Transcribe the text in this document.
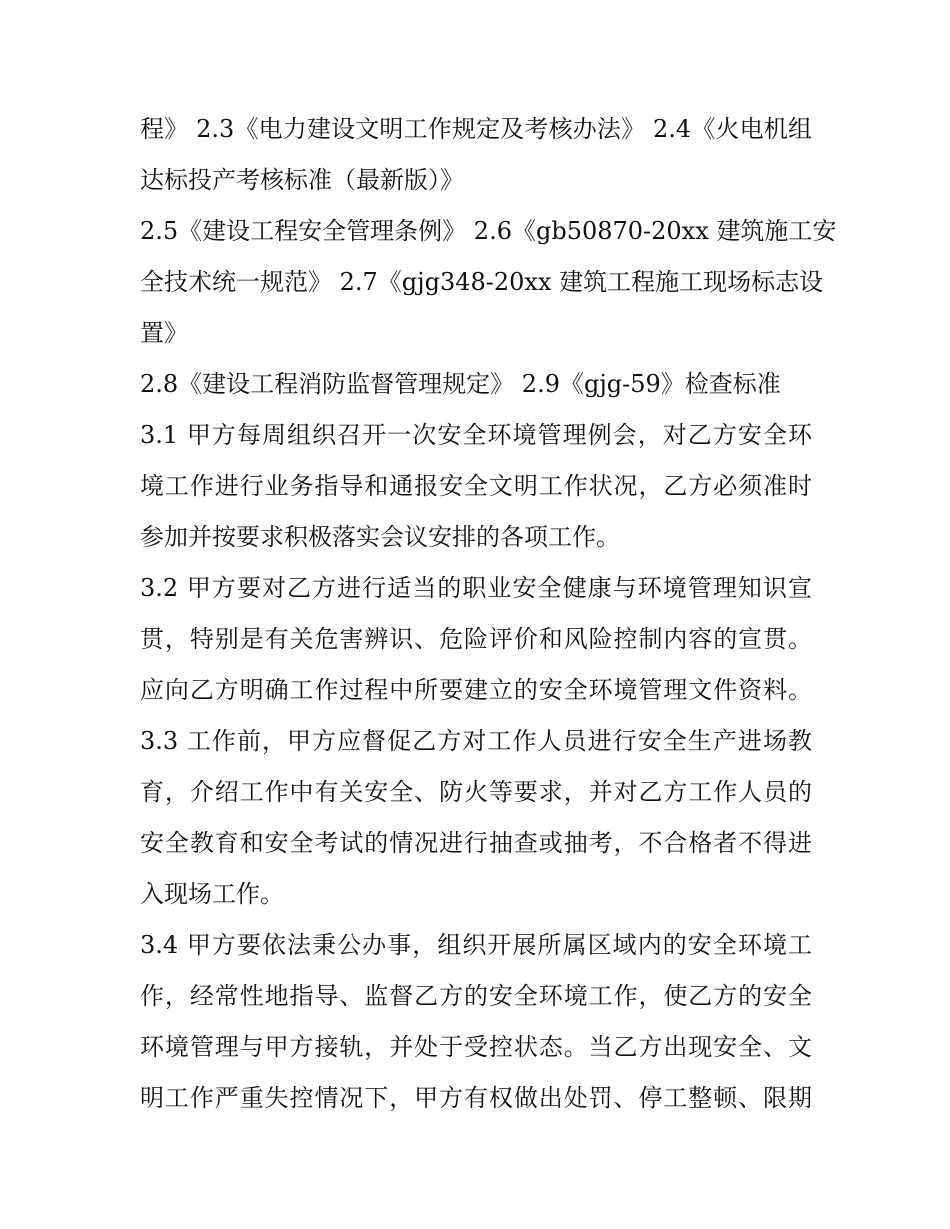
程》 2.3《电力建设文明工作规定及考核办法》 2.4《火电机组
达标投产考核标准（最新版）》
2.5《建设工程安全管理条例》 2.6《gb50870-20xx 建筑施工安
全技术统一规范》 2.7《gjg348-20xx 建筑工程施工现场标志设
置》
2.8《建设工程消防监督管理规定》 2.9《gjg-59》检查标准
3.1 甲方每周组织召开一次安全环境管理例会，对乙方安全环
境工作进行业务指导和通报安全文明工作状况，乙方必须准时
参加并按要求积极落实会议安排的各项工作。
3.2 甲方要对乙方进行适当的职业安全健康与环境管理知识宣
贯，特别是有关危害辨识、危险评价和风险控制内容的宣贯。
应向乙方明确工作过程中所要建立的安全环境管理文件资料。
3.3 工作前，甲方应督促乙方对工作人员进行安全生产进场教
育，介绍工作中有关安全、防火等要求，并对乙方工作人员的
安全教育和安全考试的情况进行抽查或抽考，不合格者不得进
入现场工作。
3.4 甲方要依法秉公办事，组织开展所属区域内的安全环境工
作，经常性地指导、监督乙方的安全环境工作，使乙方的安全
环境管理与甲方接轨，并处于受控状态。当乙方出现安全、文
明工作严重失控情况下，甲方有权做出处罚、停工整顿、限期
